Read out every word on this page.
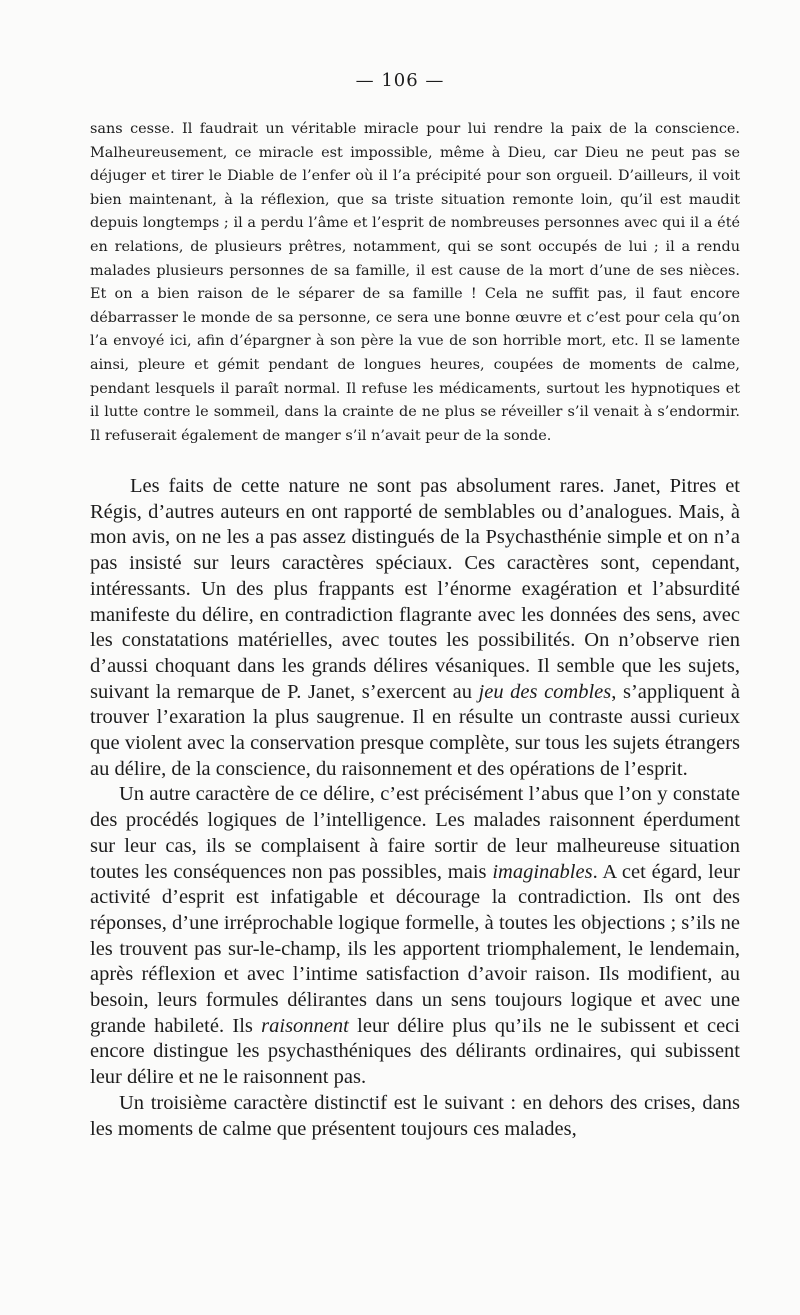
— 106 —

sans cesse. Il faudrait un véritable miracle pour lui rendre la paix de la conscience. Malheureusement, ce miracle est impossible, même à Dieu, car Dieu ne peut pas se déjuger et tirer le Diable de l’enfer où il l’a précipité pour son orgueil. D’ailleurs, il voit bien maintenant, à la réflexion, que sa triste situation remonte loin, qu’il est maudit depuis longtemps ; il a perdu l’âme et l’esprit de nombreuses personnes avec qui il a été en relations, de plusieurs prêtres, notamment, qui se sont occupés de lui ; il a rendu malades plusieurs personnes de sa famille, il est cause de la mort d’une de ses nièces. Et on a bien raison de le séparer de sa famille ! Cela ne suffit pas, il faut encore débarrasser le monde de sa personne, ce sera une bonne œuvre et c’est pour cela qu’on l’a envoyé ici, afin d’épargner à son père la vue de son horrible mort, etc. Il se lamente ainsi, pleure et gémit pendant de longues heures, coupées de moments de calme, pendant lesquels il paraît normal. Il refuse les médicaments, surtout les hypnotiques et il lutte contre le sommeil, dans la crainte de ne plus se réveiller s’il venait à s’endormir. Il refuserait également de manger s’il n’avait peur de la sonde.

Les faits de cette nature ne sont pas absolument rares. Janet, Pitres et Régis, d’autres auteurs en ont rapporté de semblables ou d’analogues. Mais, à mon avis, on ne les a pas assez distingués de la Psychasthénie simple et on n’a pas insisté sur leurs caractères spéciaux. Ces caractères sont, cependant, intéressants. Un des plus frappants est l’énorme exagération et l’absurdité manifeste du délire, en contradiction flagrante avec les données des sens, avec les constatations matérielles, avec toutes les possibilités. On n’observe rien d’aussi choquant dans les grands délires vésaniques. Il semble que les sujets, suivant la remarque de P. Janet, s’exercent au jeu des combles, s’appliquent à trouver l’exaration la plus saugrenue. Il en résulte un contraste aussi curieux que violent avec la conservation presque complète, sur tous les sujets étrangers au délire, de la conscience, du raisonnement et des opérations de l’esprit.

Un autre caractère de ce délire, c’est précisément l’abus que l’on y constate des procédés logiques de l’intelligence. Les malades raisonnent éperdument sur leur cas, ils se complaisent à faire sortir de leur malheureuse situation toutes les conséquences non pas possibles, mais imaginables. A cet égard, leur activité d’esprit est infatigable et décourage la contradiction. Ils ont des réponses, d’une irréprochable logique formelle, à toutes les objections ; s’ils ne les trouvent pas sur-le-champ, ils les apportent triomphalement, le lendemain, après réflexion et avec l’intime satisfaction d’avoir raison. Ils modifient, au besoin, leurs formules délirantes dans un sens toujours logique et avec une grande habileté. Ils raisonnent leur délire plus qu’ils ne le subissent et ceci encore distingue les psychasthéniques des délirants ordinaires, qui subissent leur délire et ne le raisonnent pas.

Un troisième caractère distinctif est le suivant : en dehors des crises, dans les moments de calme que présentent toujours ces malades,
